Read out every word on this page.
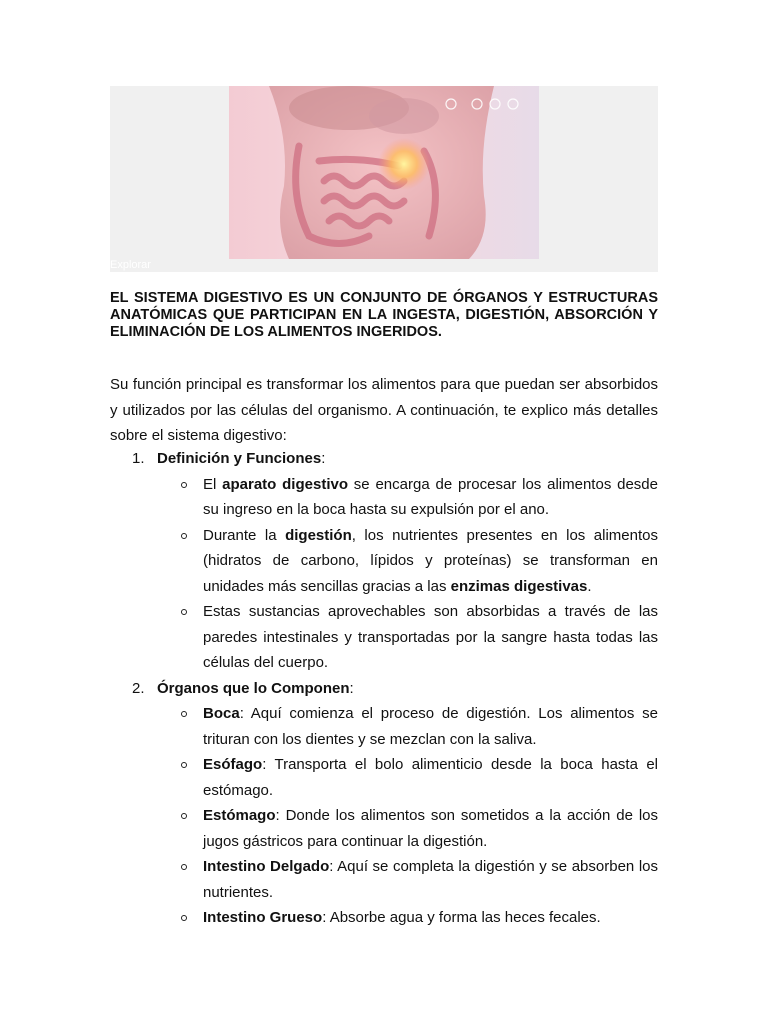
Explorar

EL SISTEMA DIGESTIVO ES UN CONJUNTO DE ÓRGANOS Y ESTRUCTURAS ANATÓMICAS QUE PARTICIPAN EN LA INGESTA, DIGESTIÓN, ABSORCIÓN Y ELIMINACIÓN DE LOS ALIMENTOS INGERIDOS.

Su función principal es transformar los alimentos para que puedan ser absorbidos y utilizados por las células del organismo. A continuación, te explico más detalles sobre el sistema digestivo:

1. Definición y Funciones:
El aparato digestivo se encarga de procesar los alimentos desde su ingreso en la boca hasta su expulsión por el ano.
Durante la digestión, los nutrientes presentes en los alimentos (hidratos de carbono, lípidos y proteínas) se transforman en unidades más sencillas gracias a las enzimas digestivas.
Estas sustancias aprovechables son absorbidas a través de las paredes intestinales y transportadas por la sangre hasta todas las células del cuerpo.
2. Órganos que lo Componen:
Boca: Aquí comienza el proceso de digestión. Los alimentos se trituran con los dientes y se mezclan con la saliva.
Esófago: Transporta el bolo alimenticio desde la boca hasta el estómago.
Estómago: Donde los alimentos son sometidos a la acción de los jugos gástricos para continuar la digestión.
Intestino Delgado: Aquí se completa la digestión y se absorben los nutrientes.
Intestino Grueso: Absorbe agua y forma las heces fecales.
